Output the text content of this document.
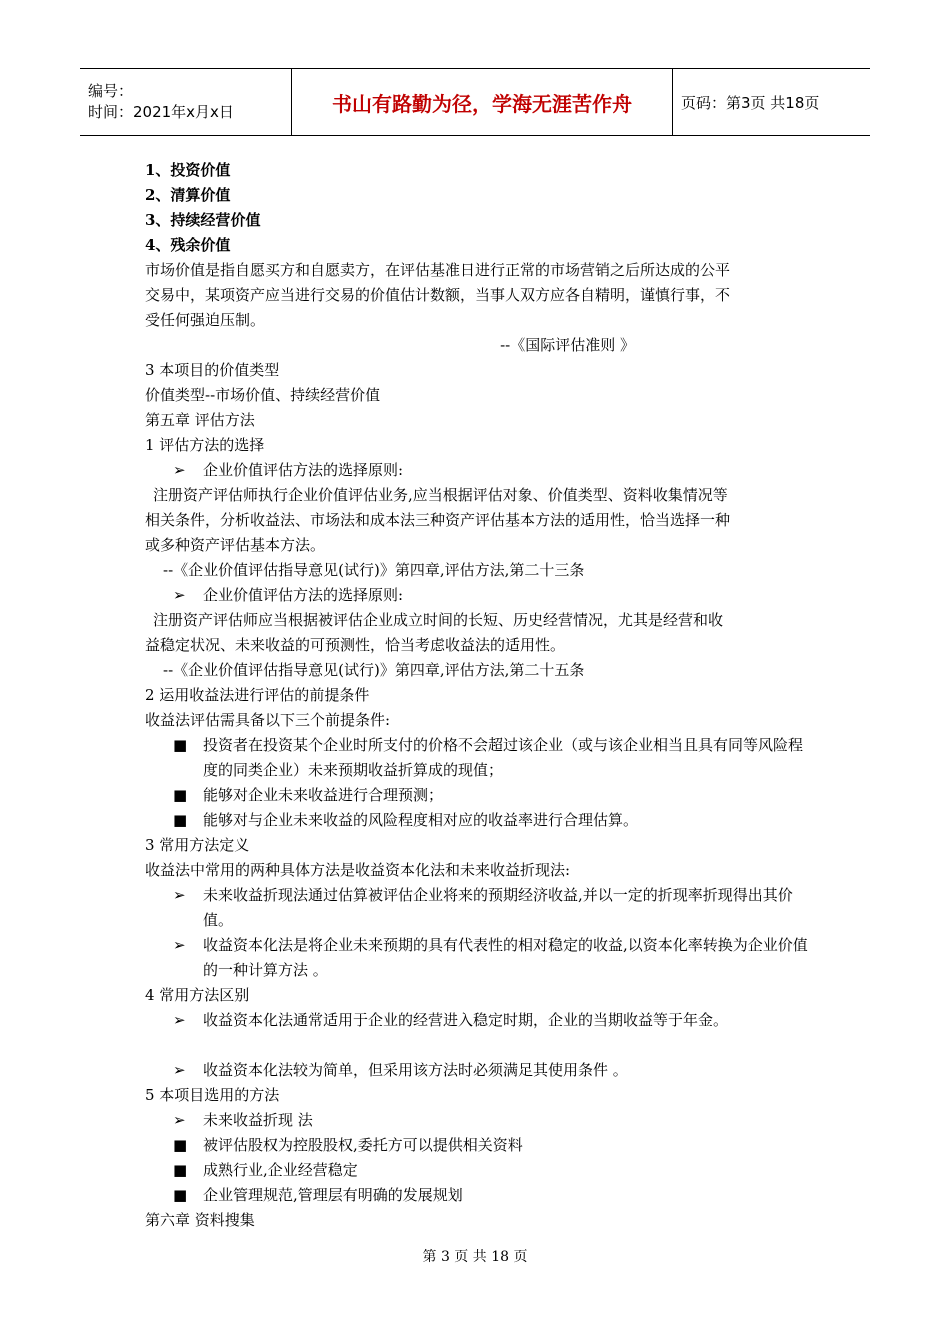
编号：
时间：2021年x月x日	书山有路勤为径，学海无涯苦作舟	页码：第3页 共18页
1、投资价值
2、清算价值
3、持续经营价值
4、残余价值
市场价值是指自愿买方和自愿卖方，在评估基准日进行正常的市场营销之后所达成的公平
交易中，某项资产应当进行交易的价值估计数额，当事人双方应各自精明，谨慎行事，不
受任何强迫压制。
--《国际评估准则 》
3 本项目的价值类型
价值类型--市场价值、持续经营价值
第五章 评估方法
1 评估方法的选择
➢	企业价值评估方法的选择原则:
注册资产评估师执行企业价值评估业务,应当根据评估对象、价值类型、资料收集情况等
相关条件，分析收益法、市场法和成本法三种资产评估基本方法的适用性，恰当选择一种
或多种资产评估基本方法。
--《企业价值评估指导意见(试行)》第四章,评估方法,第二十三条
➢	企业价值评估方法的选择原则:
注册资产评估师应当根据被评估企业成立时间的长短、历史经营情况，尤其是经营和收
益稳定状况、未来收益的可预测性，恰当考虑收益法的适用性。
--《企业价值评估指导意见(试行)》第四章,评估方法,第二十五条
2 运用收益法进行评估的前提条件
收益法评估需具备以下三个前提条件:
■	投资者在投资某个企业时所支付的价格不会超过该企业（或与该企业相当且具有同等风险程度的同类企业）未来预期收益折算成的现值；
■	能够对企业未来收益进行合理预测；
■	能够对与企业未来收益的风险程度相对应的收益率进行合理估算。
3 常用方法定义
收益法中常用的两种具体方法是收益资本化法和未来收益折现法:
➢	未来收益折现法通过估算被评估企业将来的预期经济收益,并以一定的折现率折现得出其价值。
➢	收益资本化法是将企业未来预期的具有代表性的相对稳定的收益,以资本化率转换为企业价值的一种计算方法 。
4 常用方法区别
➢	收益资本化法通常适用于企业的经营进入稳定时期，企业的当期收益等于年金。
➢	收益资本化法较为简单，但采用该方法时必须满足其使用条件 。
5 本项目选用的方法
➢	未来收益折现 法
■	被评估股权为控股股权,委托方可以提供相关资料
■	成熟行业,企业经营稳定
■	企业管理规范,管理层有明确的发展规划
第六章 资料搜集
第 3 页 共 18 页
